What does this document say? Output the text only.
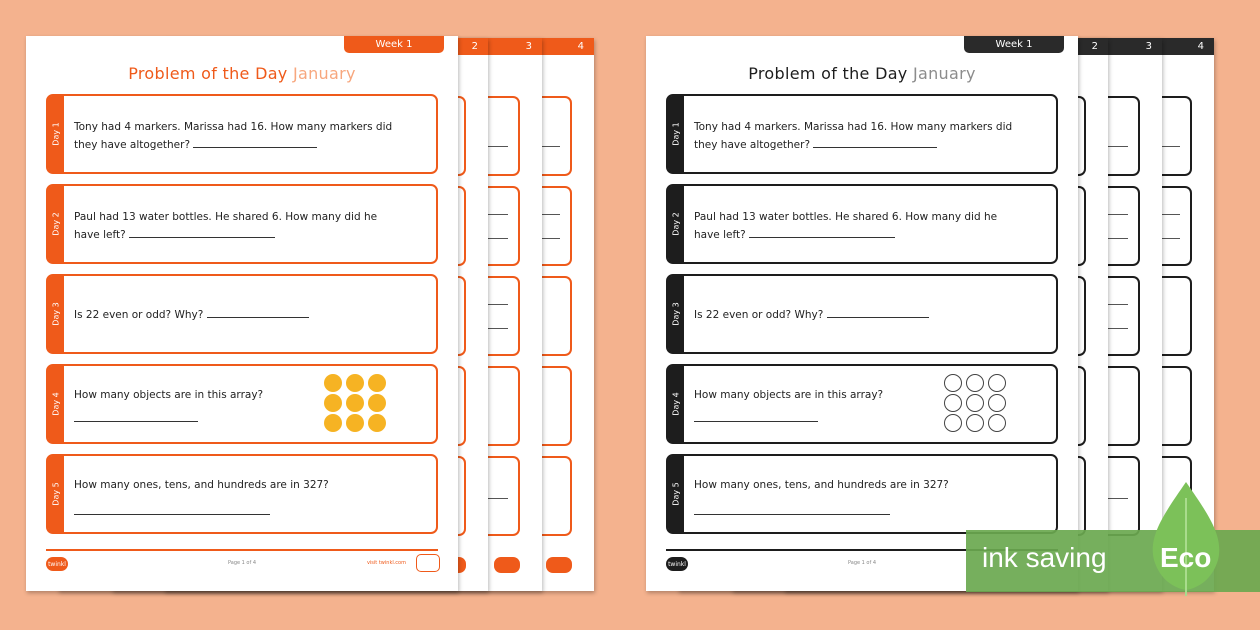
4
3
2
Week 1
Problem of the Day January
Day 1 Tony had 4 markers. Marissa had 16. How many markers did they have altogether?
Day 2 Paul had 13 water bottles. He shared 6. How many did he have left?
Day 3 Is 22 even or odd? Why?
Day 4 How many objects are in this array?
Day 5 How many ones, tens, and hundreds are in 327?
twinkl	Page 1 of 4	visit twinkl.com
4
3
2
Week 1
Problem of the Day January
Day 1 Tony had 4 markers. Marissa had 16. How many markers did they have altogether?
Day 2 Paul had 13 water bottles. He shared 6. How many did he have left?
Day 3 Is 22 even or odd? Why?
Day 4 How many objects are in this array?
Day 5 How many ones, tens, and hundreds are in 327?
twinkl	Page 1 of 4	ink saving Eco
